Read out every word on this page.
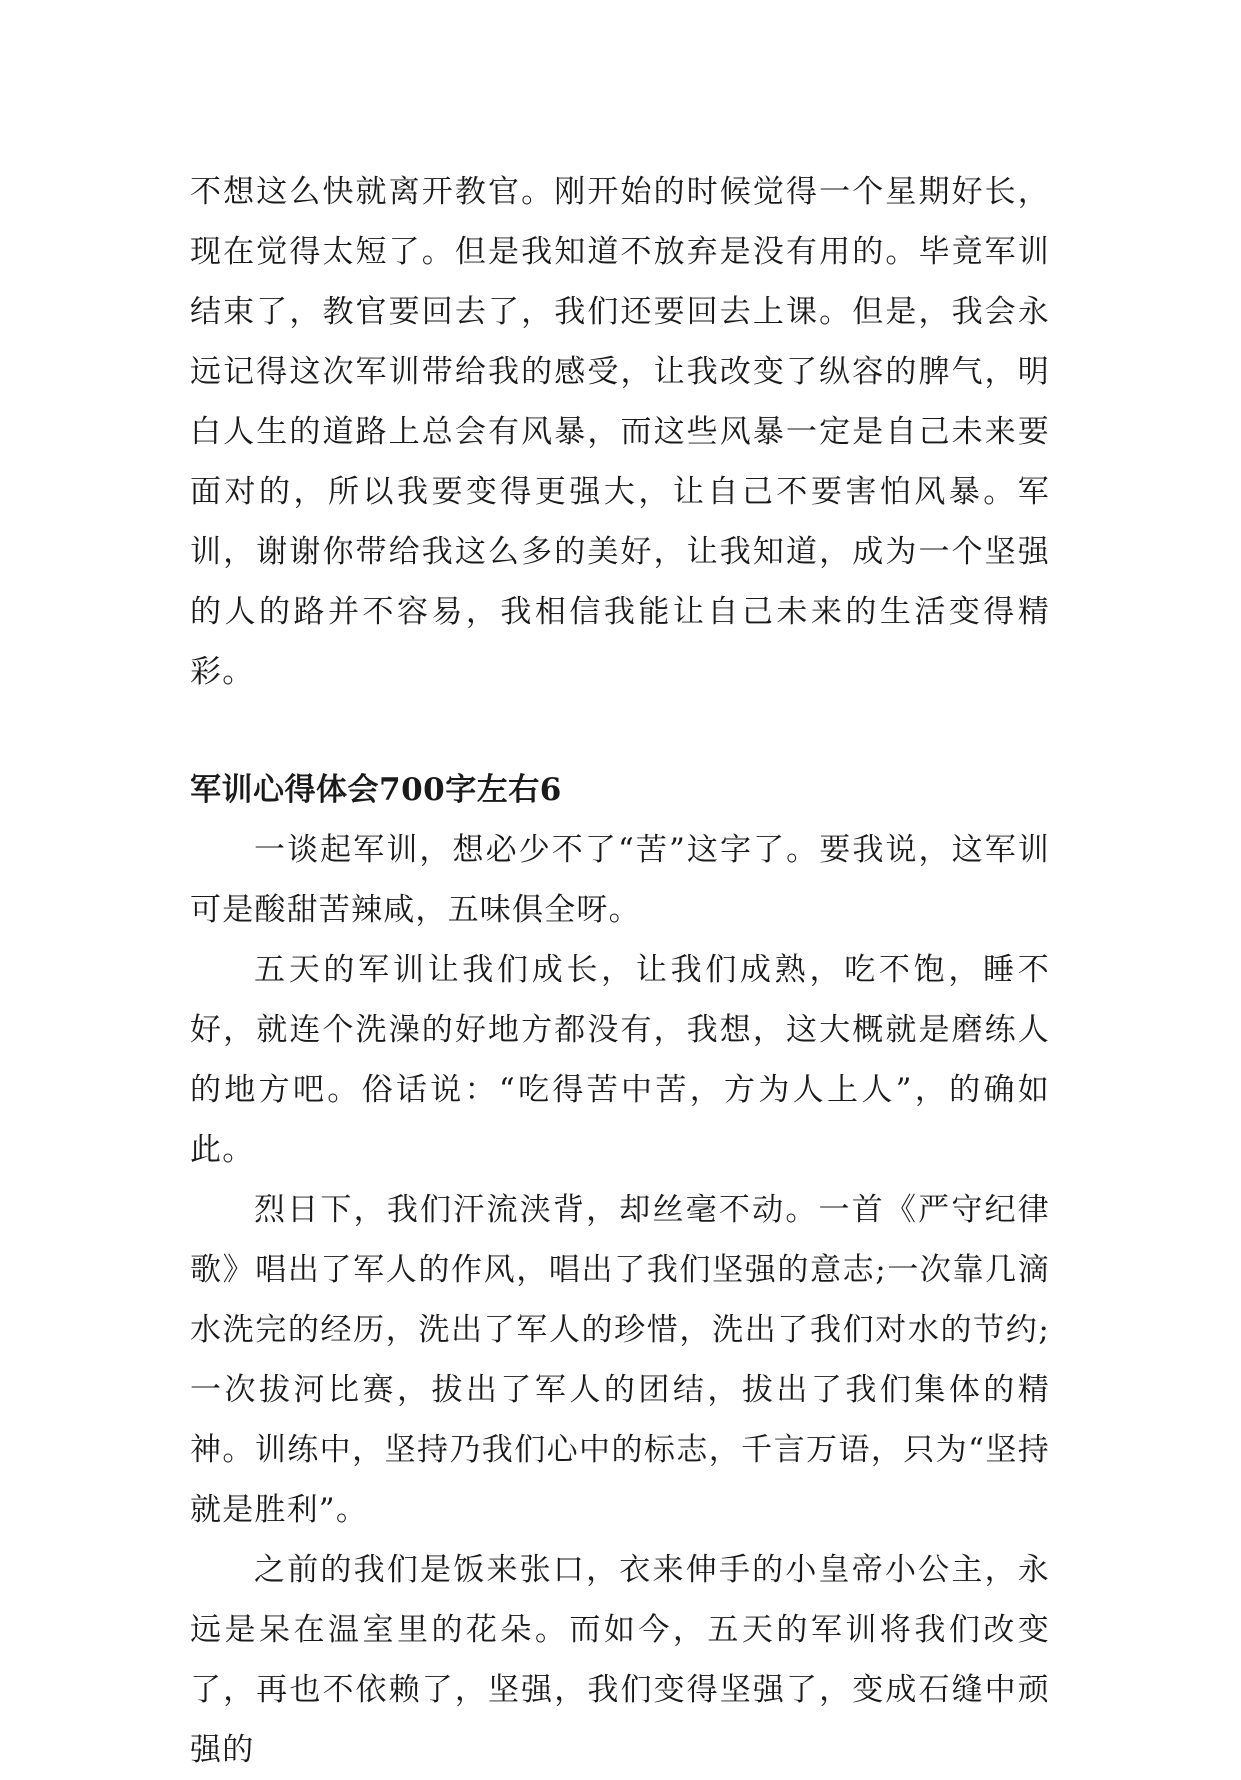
不想这么快就离开教官。刚开始的时候觉得一个星期好长，现在觉得太短了。但是我知道不放弃是没有用的。毕竟军训结束了，教官要回去了，我们还要回去上课。但是，我会永远记得这次军训带给我的感受，让我改变了纵容的脾气，明白人生的道路上总会有风暴，而这些风暴一定是自己未来要面对的，所以我要变得更强大，让自己不要害怕风暴。军训，谢谢你带给我这么多的美好，让我知道，成为一个坚强的人的路并不容易，我相信我能让自己未来的生活变得精彩。

军训心得体会700字左右6

一谈起军训，想必少不了“苦”这字了。要我说，这军训可是酸甜苦辣咸，五味俱全呀。

五天的军训让我们成长，让我们成熟，吃不饱，睡不好，就连个洗澡的好地方都没有，我想，这大概就是磨练人的地方吧。俗话说：“吃得苦中苦，方为人上人”，的确如此。

烈日下，我们汗流浃背，却丝毫不动。一首《严守纪律歌》唱出了军人的作风，唱出了我们坚强的意志;一次靠几滴水洗完的经历，洗出了军人的珍惜，洗出了我们对水的节约;一次拔河比赛，拔出了军人的团结，拔出了我们集体的精神。训练中，坚持乃我们心中的标志，千言万语，只为“坚持就是胜利”。

之前的我们是饭来张口，衣来伸手的小皇帝小公主，永远是呆在温室里的花朵。而如今，五天的军训将我们改变了，再也不依赖了，坚强，我们变得坚强了，变成石缝中顽强的
